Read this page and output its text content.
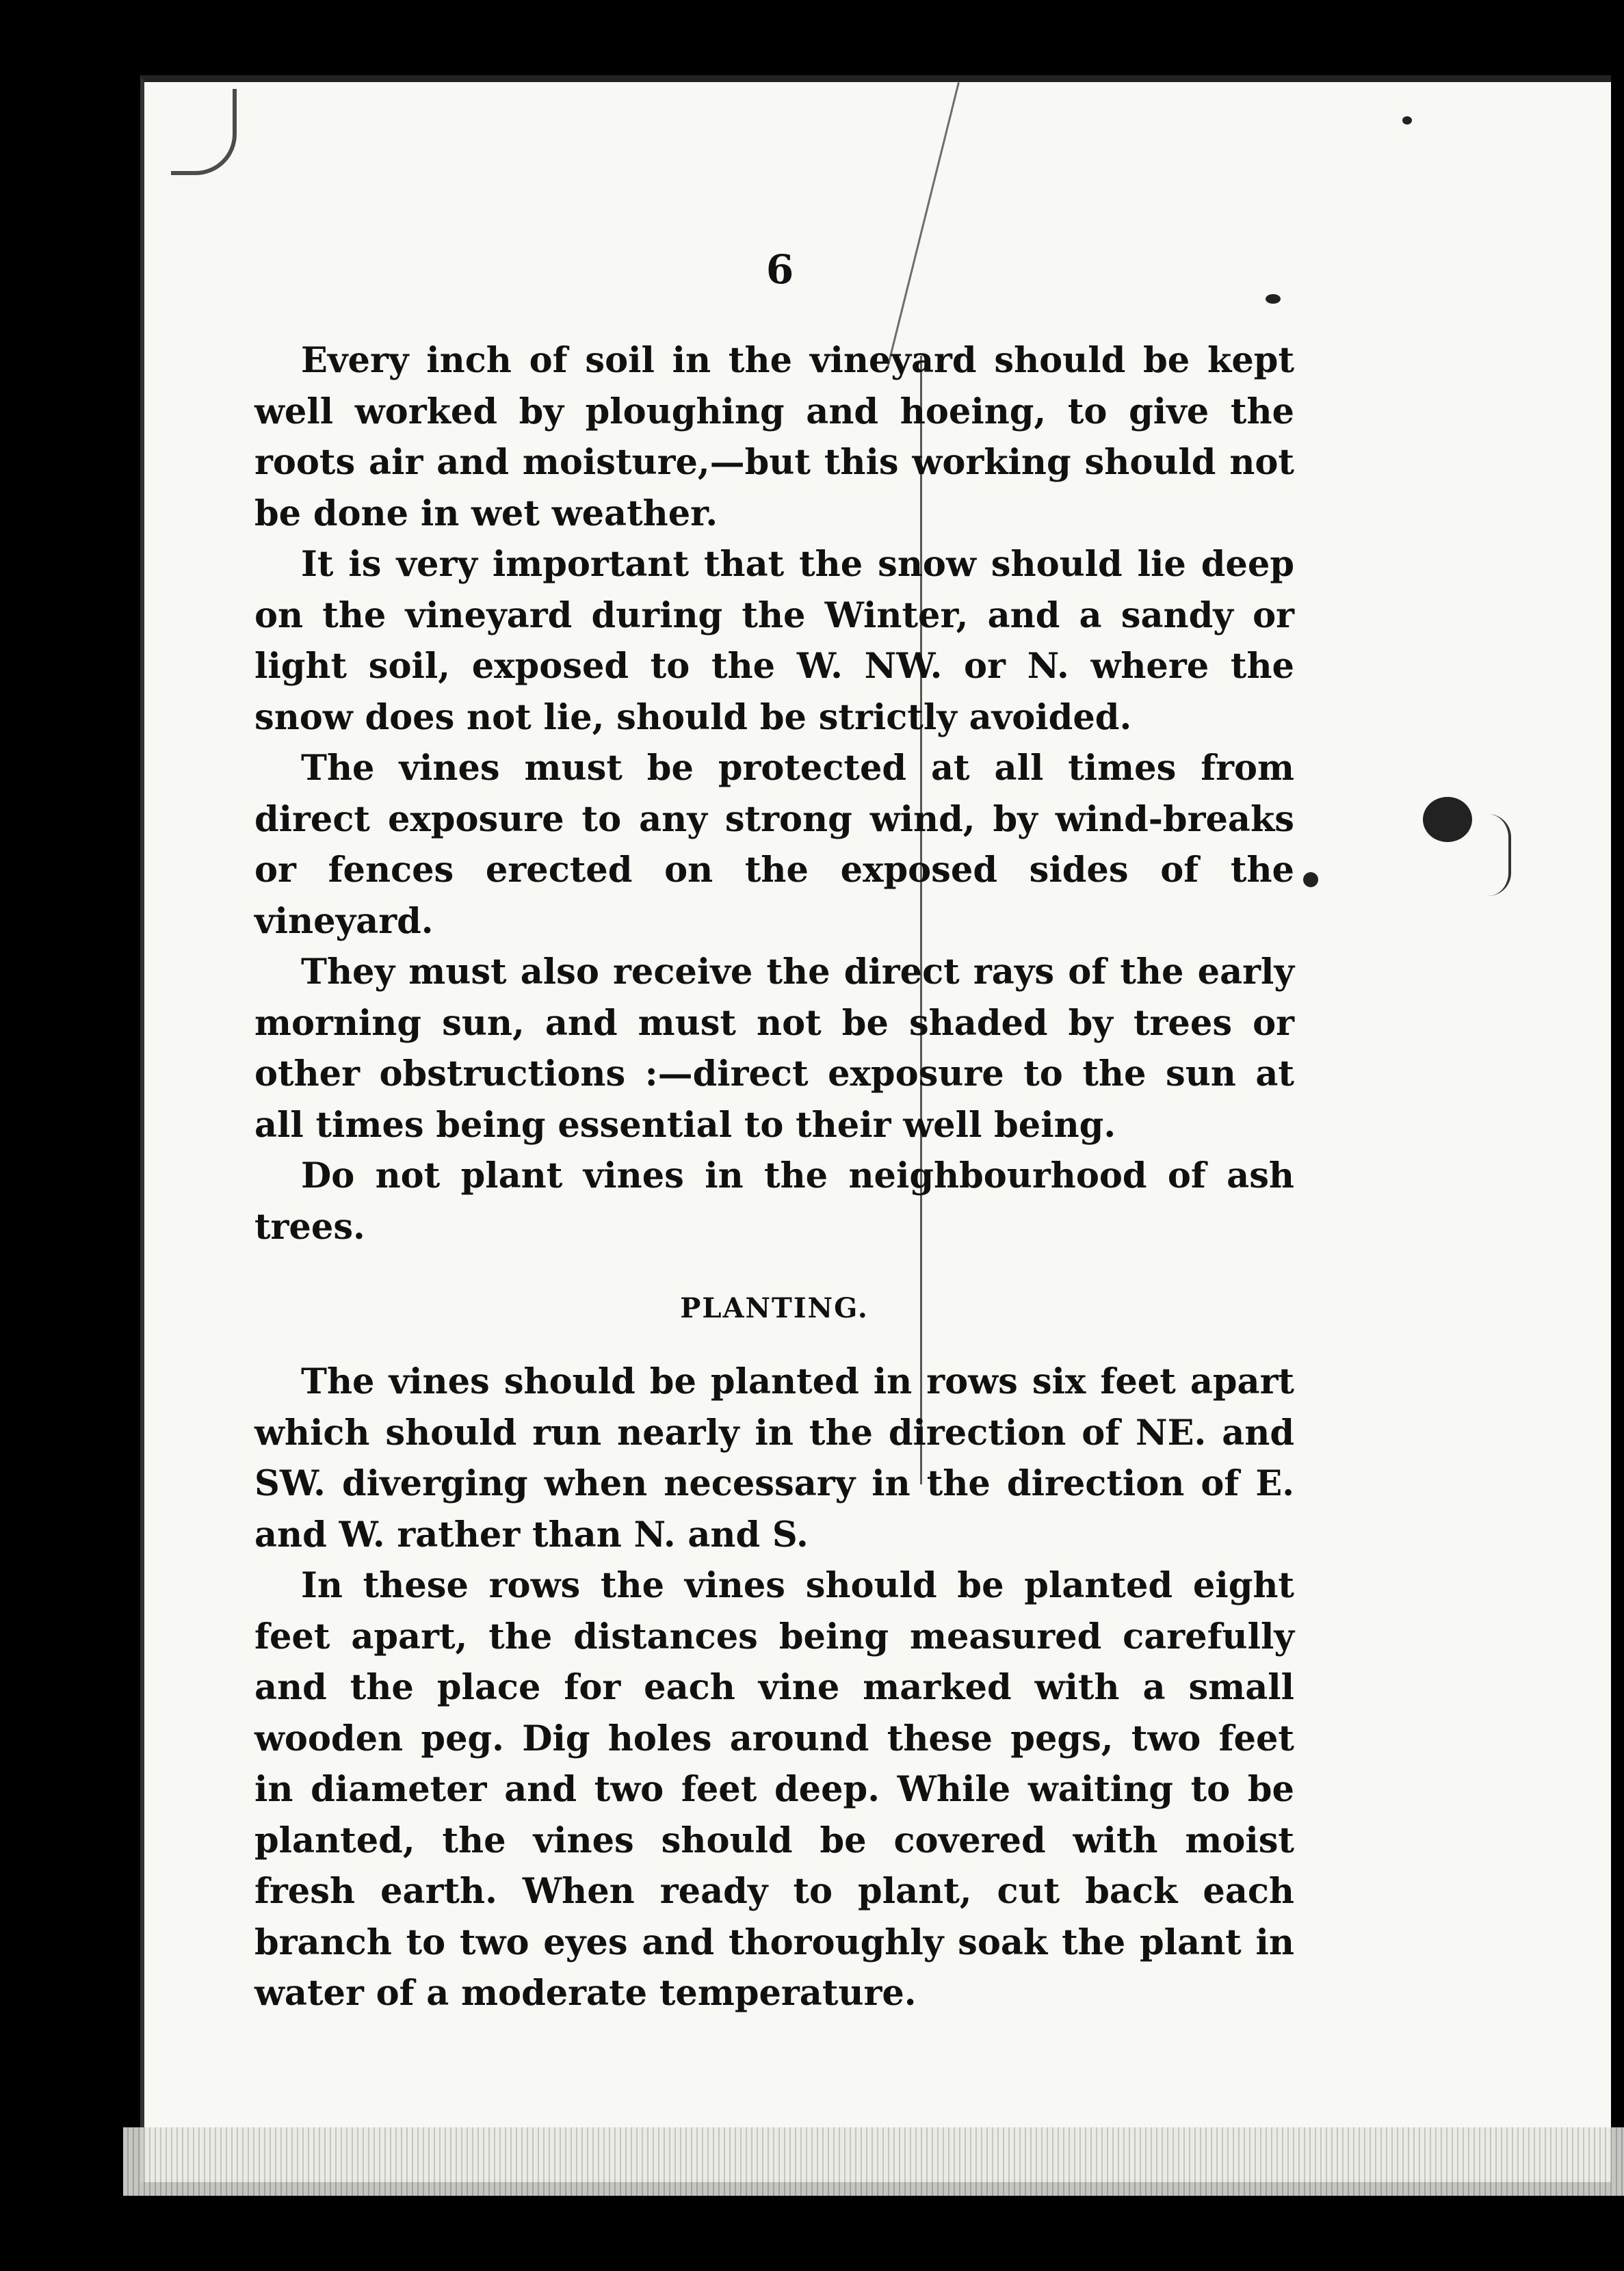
6

Every inch of soil in the vineyard should be kept well worked by ploughing and hoeing, to give the roots air and moisture,—but this working should not be done in wet weather.

It is very important that the snow should lie deep on the vineyard during the Winter, and a sandy or light soil, exposed to the W. NW. or N. where the snow does not lie, should be strictly avoided.

The vines must be protected at all times from direct exposure to any strong wind, by wind-breaks or fences erected on the exposed sides of the vineyard.

They must also receive the direct rays of the early morning sun, and must not be shaded by trees or other obstructions :—direct exposure to the sun at all times being essential to their well being.

Do not plant vines in the neighbourhood of ash trees.

PLANTING.

The vines should be planted in rows six feet apart which should run nearly in the direction of NE. and SW. diverging when necessary in the direction of E. and W. rather than N. and S.

In these rows the vines should be planted eight feet apart, the distances being measured carefully and the place for each vine marked with a small wooden peg. Dig holes around these pegs, two feet in diameter and two feet deep. While waiting to be planted, the vines should be covered with moist fresh earth. When ready to plant, cut back each branch to two eyes and thoroughly soak the plant in water of a moderate temperature.
